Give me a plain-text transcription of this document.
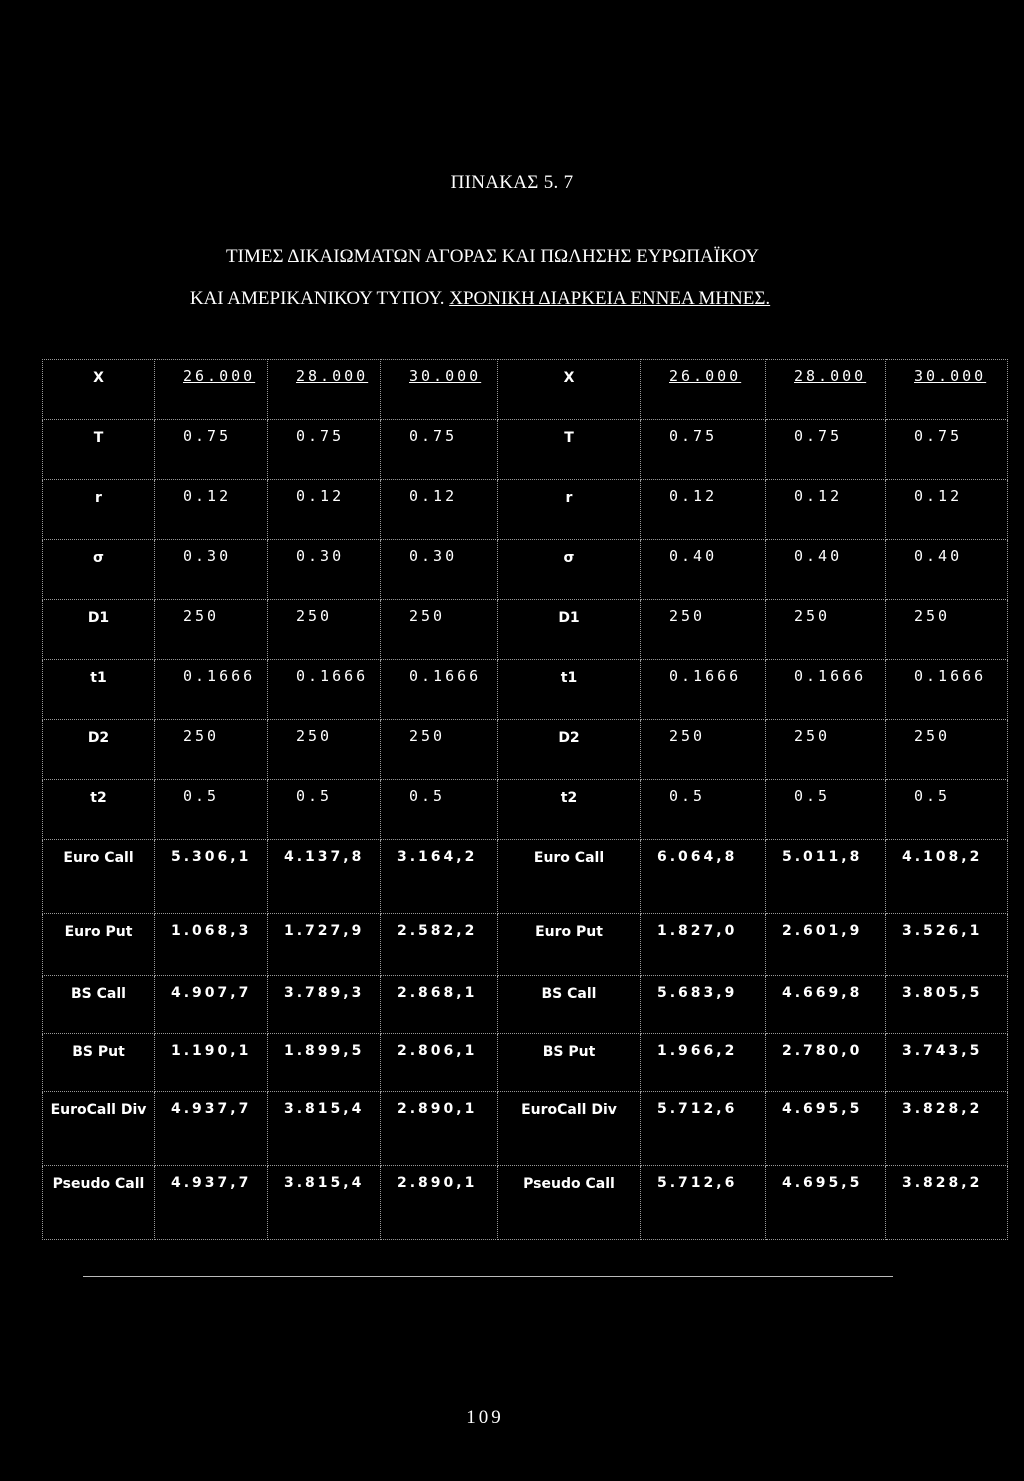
ΠΙΝΑΚΑΣ 5. 7
ΤΙΜΕΣ ΔΙΚΑΙΩΜΑΤΩΝ ΑΓΟΡΑΣ ΚΑΙ ΠΩΛΗΣΗΣ ΕΥΡΩΠΑΪΚΟΥ
ΚΑΙ ΑΜΕΡΙΚΑΝΙΚΟΥ ΤΥΠΟΥ. ΧΡΟΝΙΚΗ ΔΙΑΡΚΕΙΑ ΕΝΝΕΑ ΜΗΝΕΣ.
X	26.000	28.000	30.000	X	26.000	28.000	30.000
T	0.75	0.75	0.75	T	0.75	0.75	0.75
r	0.12	0.12	0.12	r	0.12	0.12	0.12
σ	0.30	0.30	0.30	σ	0.40	0.40	0.40
D1	250	250	250	D1	250	250	250
t1	0.1666	0.1666	0.1666	t1	0.1666	0.1666	0.1666
D2	250	250	250	D2	250	250	250
t2	0.5	0.5	0.5	t2	0.5	0.5	0.5
Euro Call	5.306,1	4.137,8	3.164,2	Euro Call	6.064,8	5.011,8	4.108,2
Euro Put	1.068,3	1.727,9	2.582,2	Euro Put	1.827,0	2.601,9	3.526,1
BS Call	4.907,7	3.789,3	2.868,1	BS Call	5.683,9	4.669,8	3.805,5
BS Put	1.190,1	1.899,5	2.806,1	BS Put	1.966,2	2.780,0	3.743,5
EuroCall Div	4.937,7	3.815,4	2.890,1	EuroCall Div	5.712,6	4.695,5	3.828,2
Pseudo Call	4.937,7	3.815,4	2.890,1	Pseudo Call	5.712,6	4.695,5	3.828,2
109
